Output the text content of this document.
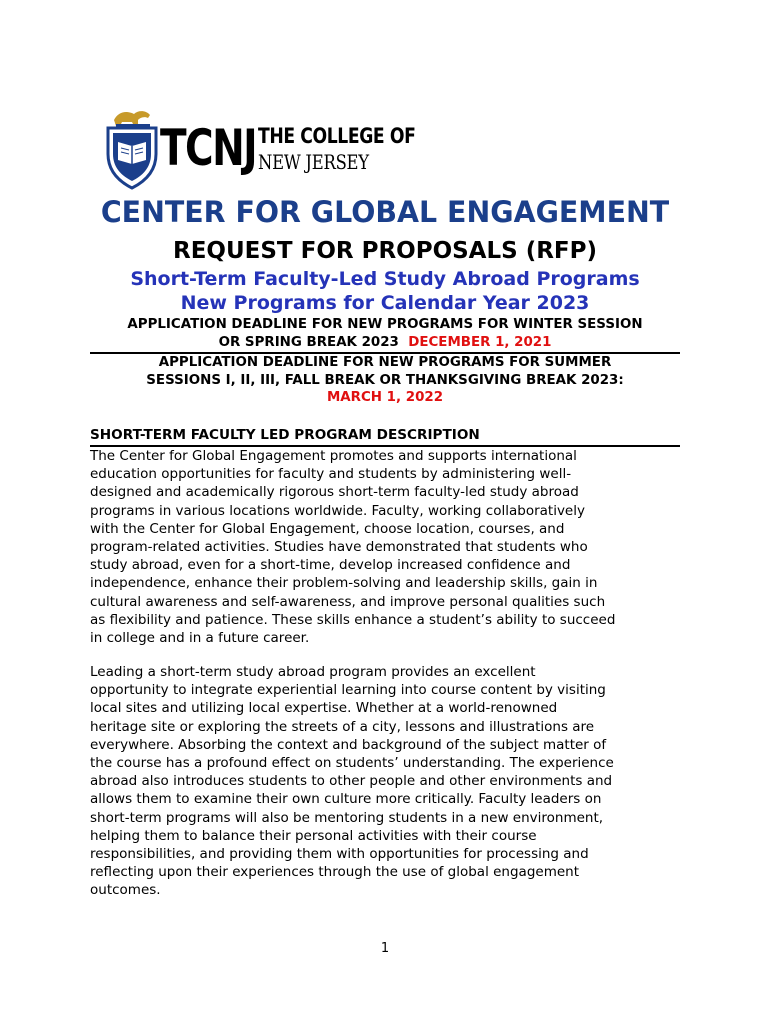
TCNJ THE COLLEGE OF
NEW JERSEY
CENTER FOR GLOBAL ENGAGEMENT
REQUEST FOR PROPOSALS (RFP)
Short-Term Faculty-Led Study Abroad Programs
New Programs for Calendar Year 2023
APPLICATION DEADLINE FOR NEW PROGRAMS FOR WINTER SESSION
OR SPRING BREAK 2023 DECEMBER 1, 2021
APPLICATION DEADLINE FOR NEW PROGRAMS FOR SUMMER
SESSIONS I, II, III, FALL BREAK OR THANKSGIVING BREAK 2023:
MARCH 1, 2022
SHORT-TERM FACULTY LED PROGRAM DESCRIPTION
The Center for Global Engagement promotes and supports international
education opportunities for faculty and students by administering well-
designed and academically rigorous short-term faculty-led study abroad
programs in various locations worldwide. Faculty, working collaboratively
with the Center for Global Engagement, choose location, courses, and
program-related activities. Studies have demonstrated that students who
study abroad, even for a short-time, develop increased confidence and
independence, enhance their problem-solving and leadership skills, gain in
cultural awareness and self-awareness, and improve personal qualities such
as flexibility and patience. These skills enhance a student’s ability to succeed
in college and in a future career.
Leading a short-term study abroad program provides an excellent
opportunity to integrate experiential learning into course content by visiting
local sites and utilizing local expertise. Whether at a world-renowned
heritage site or exploring the streets of a city, lessons and illustrations are
everywhere. Absorbing the context and background of the subject matter of
the course has a profound effect on students’ understanding. The experience
abroad also introduces students to other people and other environments and
allows them to examine their own culture more critically. Faculty leaders on
short-term programs will also be mentoring students in a new environment,
helping them to balance their personal activities with their course
responsibilities, and providing them with opportunities for processing and
reflecting upon their experiences through the use of global engagement
outcomes.
1
